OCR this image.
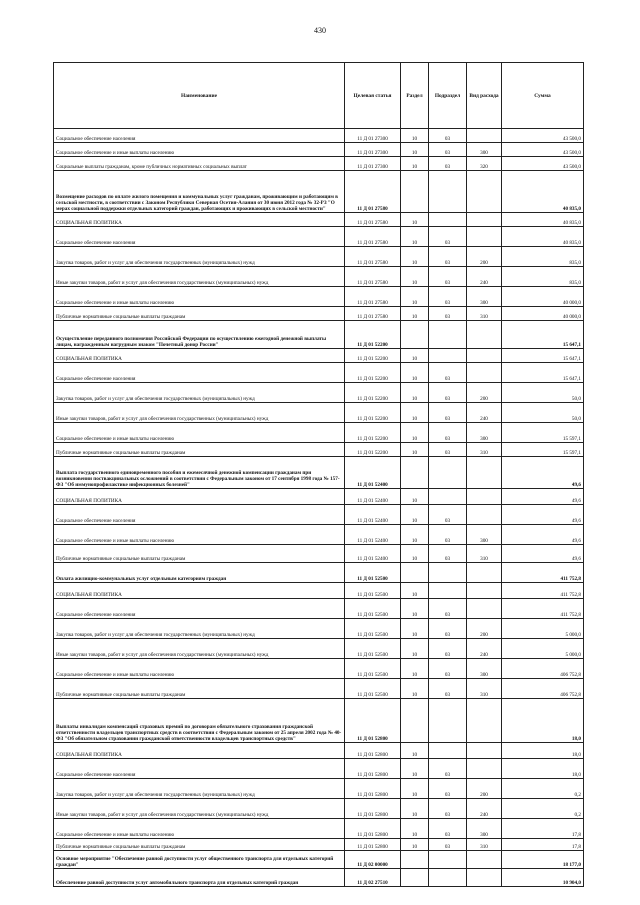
430
Наименование	Целевая статья	Раздел	Подраздел	Вид расхода	Сумма
Социальное обеспечение населения	11 Д 01 27300	10	03		43 500,0
Социальное обеспечение и иные выплаты населению	11 Д 01 27300	10	03	300	43 500,0
Социальные выплаты гражданам, кроме публичных нормативных социальных выплат	11 Д 01 27300	10	03	320	43 500,0
Возмещение расходов по оплате жилого помещения и коммунальных услуг гражданам, проживающим и работающим в сельской местности, в соответствии с Законом Республики Северная Осетия-Алания от 30 июня 2012 года № 32-РЗ "О мерах социальной поддержки отдельных категорий граждан, работающих и проживающих в сельской местности"	11 Д 01 27580				40 835,0
СОЦИАЛЬНАЯ ПОЛИТИКА	11 Д 01 27580	10			40 835,0
Социальное обеспечение населения	11 Д 01 27580	10	03		40 835,0
Закупка товаров, работ и услуг для обеспечения государственных (муниципальных) нужд	11 Д 01 27580	10	03	200	835,0
Иные закупки товаров, работ и услуг для обеспечения государственных (муниципальных) нужд	11 Д 01 27580	10	03	240	835,0
Социальное обеспечение и иные выплаты населению	11 Д 01 27580	10	03	300	40 000,0
Публичные нормативные социальные выплаты гражданам	11 Д 01 27580	10	03	310	40 000,0
Осуществление переданного полномочия Российской Федерации по осуществлению ежегодной денежной выплаты лицам, награжденным нагрудным знаком "Почетный донор России"	11 Д 01 52200				15 647,1
СОЦИАЛЬНАЯ ПОЛИТИКА	11 Д 01 52200	10			15 647,1
Социальное обеспечение населения	11 Д 01 52200	10	03		15 647,1
Закупка товаров, работ и услуг для обеспечения государственных (муниципальных) нужд	11 Д 01 52200	10	03	200	50,0
Иные закупки товаров, работ и услуг для обеспечения государственных (муниципальных) нужд	11 Д 01 52200	10	03	240	50,0
Социальное обеспечение и иные выплаты населению	11 Д 01 52200	10	03	300	15 597,1
Публичные нормативные социальные выплаты гражданам	11 Д 01 52200	10	03	310	15 597,1
Выплата государственного единовременного пособия и ежемесячной денежной компенсации гражданам при возникновении поствакцинальных осложнений в соответствии с Федеральным законом от 17 сентября 1998 года № 157-ФЗ "Об иммунопрофилактике инфекционных болезней"	11 Д 01 52400				49,6
СОЦИАЛЬНАЯ ПОЛИТИКА	11 Д 01 52400	10			49,6
Социальное обеспечение населения	11 Д 01 52400	10	03		49,6
Социальное обеспечение и иные выплаты населению	11 Д 01 52400	10	03	300	49,6
Публичные нормативные социальные выплаты гражданам	11 Д 01 52400	10	03	310	49,6
Оплата жилищно-коммунальных услуг отдельным категориям граждан	11 Д 01 52500				411 752,8
СОЦИАЛЬНАЯ ПОЛИТИКА	11 Д 01 52500	10			411 752,8
Социальное обеспечение населения	11 Д 01 52500	10	03		411 752,8
Закупка товаров, работ и услуг для обеспечения государственных (муниципальных) нужд	11 Д 01 52500	10	03	200	5 000,0
Иные закупки товаров, работ и услуг для обеспечения государственных (муниципальных) нужд	11 Д 01 52500	10	03	240	5 000,0
Социальное обеспечение и иные выплаты населению	11 Д 01 52500	10	03	300	406 752,8
Публичные нормативные социальные выплаты гражданам	11 Д 01 52500	10	03	310	406 752,8
Выплаты инвалидам компенсаций страховых премий по договорам обязательного страхования гражданской ответственности владельцев транспортных средств в соответствии с Федеральным законом от 25 апреля 2002 года № 40-ФЗ "Об обязательном страховании гражданской ответственности владельцев транспортных средств"	11 Д 01 52800				18,0
СОЦИАЛЬНАЯ ПОЛИТИКА	11 Д 01 52800	10			18,0
Социальное обеспечение населения	11 Д 01 52800	10	03		18,0
Закупка товаров, работ и услуг для обеспечения государственных (муниципальных) нужд	11 Д 01 52800	10	03	200	0,2
Иные закупки товаров, работ и услуг для обеспечения государственных (муниципальных) нужд	11 Д 01 52800	10	03	240	0,2
Социальное обеспечение и иные выплаты населению	11 Д 01 52800	10	03	300	17,8
Публичные нормативные социальные выплаты гражданам	11 Д 01 52800	10	03	310	17,8
Основное мероприятие "Обеспечение равной доступности услуг общественного транспорта для отдельных категорий граждан"	11 Д 02 00000				18 177,0
Обеспечение равной доступности услуг автомобильного транспорта для отдельных категорий граждан	11 Д 02 27510				10 904,0
